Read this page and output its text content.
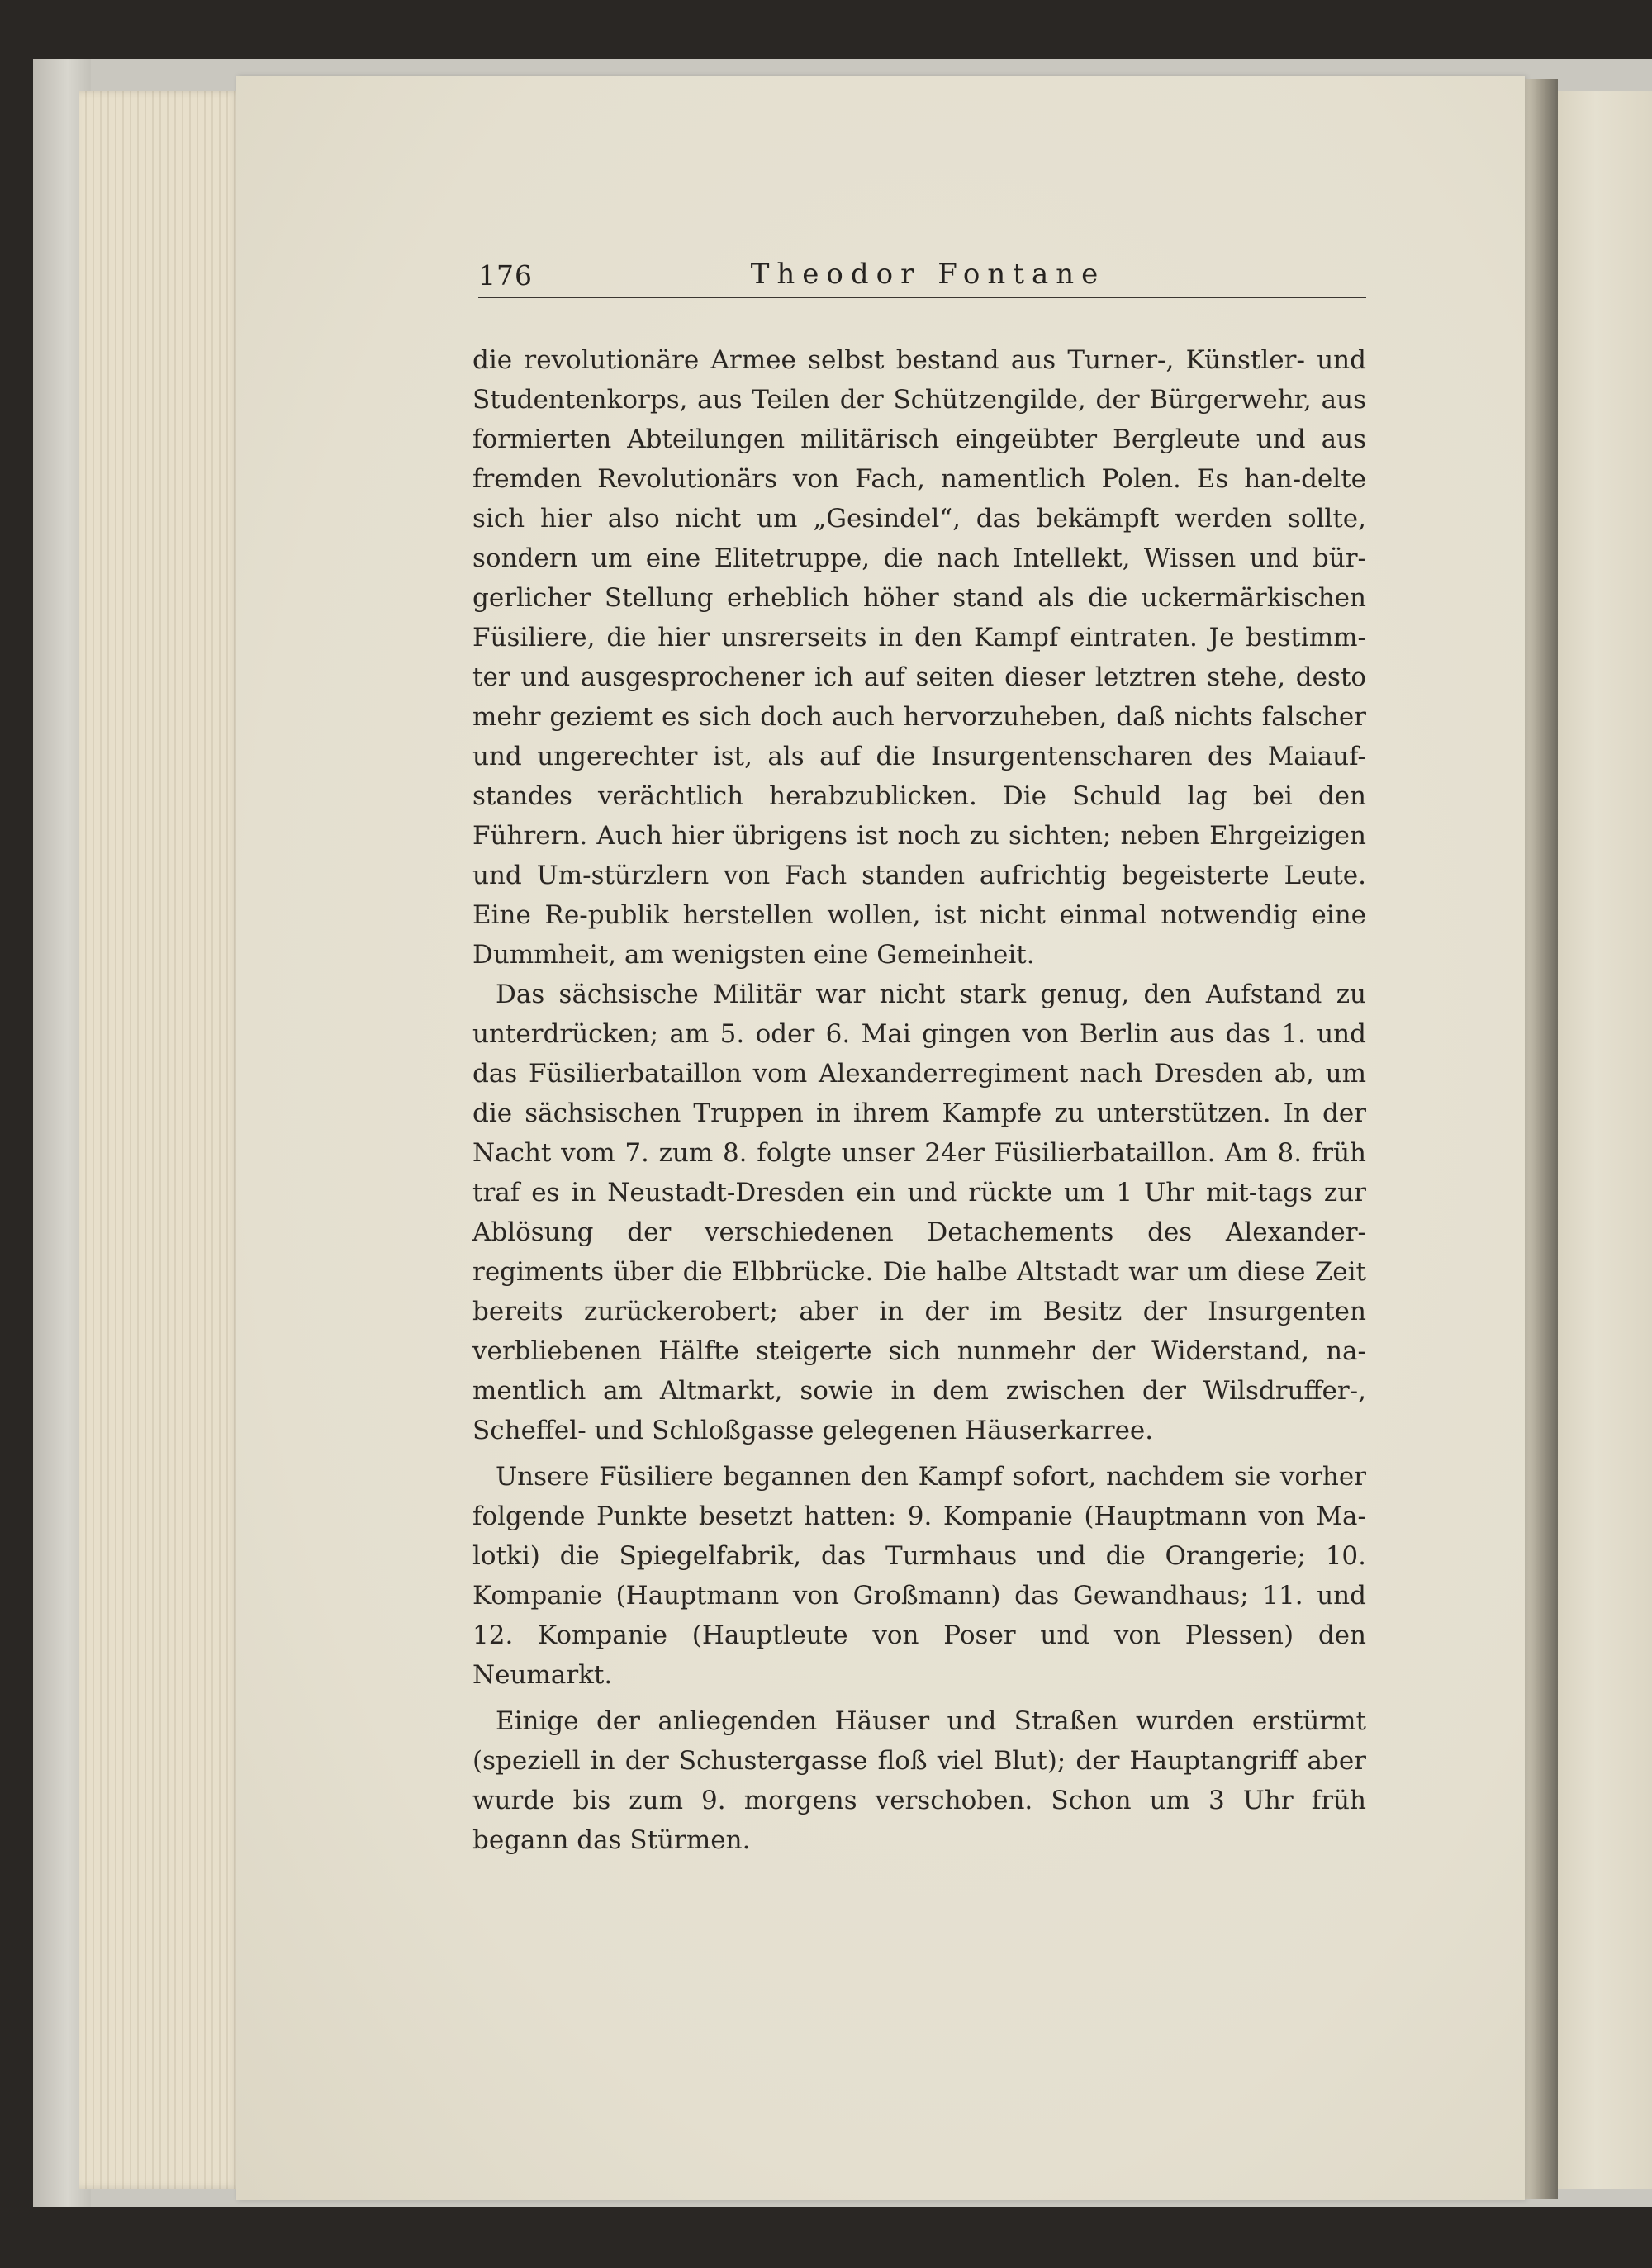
176	Theodor Fontane

die revolutionäre Armee selbst bestand aus Turner-, Künstler- und Studentenkorps, aus Teilen der Schützengilde, der Bürgerwehr, aus formierten Abteilungen militärisch eingeübter Bergleute und aus fremden Revolutionärs von Fach, namentlich Polen. Es han-delte sich hier also nicht um „Gesindel“, das bekämpft werden sollte, sondern um eine Elitetruppe, die nach Intellekt, Wissen und bür-gerlicher Stellung erheblich höher stand als die uckermärkischen Füsiliere, die hier unsrerseits in den Kampf eintraten. Je bestimm-ter und ausgesprochener ich auf seiten dieser letztren stehe, desto mehr geziemt es sich doch auch hervorzuheben, daß nichts falscher und ungerechter ist, als auf die Insurgentenscharen des Maiauf-standes verächtlich herabzublicken. Die Schuld lag bei den Führern. Auch hier übrigens ist noch zu sichten; neben Ehrgeizigen und Um-stürzlern von Fach standen aufrichtig begeisterte Leute. Eine Re-publik herstellen wollen, ist nicht einmal notwendig eine Dummheit, am wenigsten eine Gemeinheit.

Das sächsische Militär war nicht stark genug, den Aufstand zu unterdrücken; am 5. oder 6. Mai gingen von Berlin aus das 1. und das Füsilierbataillon vom Alexanderregiment nach Dresden ab, um die sächsischen Truppen in ihrem Kampfe zu unterstützen. In der Nacht vom 7. zum 8. folgte unser 24er Füsilierbataillon. Am 8. früh traf es in Neustadt-Dresden ein und rückte um 1 Uhr mit-tags zur Ablösung der verschiedenen Detachements des Alexander-regiments über die Elbbrücke. Die halbe Altstadt war um diese Zeit bereits zurückerobert; aber in der im Besitz der Insurgenten verbliebenen Hälfte steigerte sich nunmehr der Widerstand, na-mentlich am Altmarkt, sowie in dem zwischen der Wilsdruffer-, Scheffel- und Schloßgasse gelegenen Häuserkarree.

Unsere Füsiliere begannen den Kampf sofort, nachdem sie vorher folgende Punkte besetzt hatten: 9. Kompanie (Hauptmann von Ma-lotki) die Spiegelfabrik, das Turmhaus und die Orangerie; 10. Kompanie (Hauptmann von Großmann) das Gewandhaus; 11. und 12. Kompanie (Hauptleute von Poser und von Plessen) den Neumarkt.

Einige der anliegenden Häuser und Straßen wurden erstürmt (speziell in der Schustergasse floß viel Blut); der Hauptangriff aber wurde bis zum 9. morgens verschoben. Schon um 3 Uhr früh begann das Stürmen.
